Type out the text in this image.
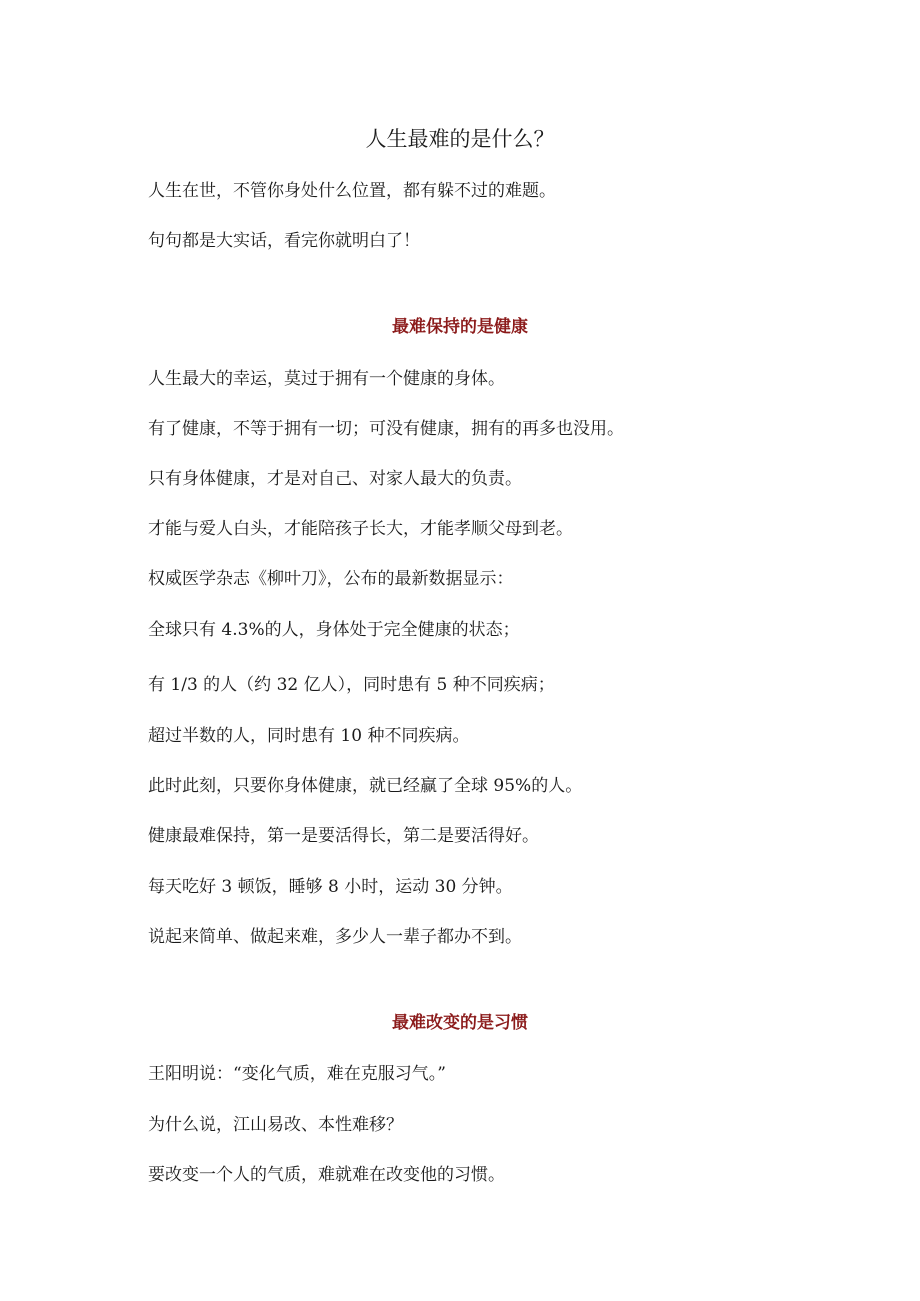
人生最难的是什么？
人生在世，不管你身处什么位置，都有躲不过的难题。
句句都是大实话，看完你就明白了！
最难保持的是健康
人生最大的幸运，莫过于拥有一个健康的身体。
有了健康，不等于拥有一切；可没有健康，拥有的再多也没用。
只有身体健康，才是对自己、对家人最大的负责。
才能与爱人白头，才能陪孩子长大，才能孝顺父母到老。
权威医学杂志《柳叶刀》，公布的最新数据显示：
全球只有 4.3%的人，身体处于完全健康的状态；
有 1/3 的人（约 32 亿人），同时患有 5 种不同疾病；
超过半数的人，同时患有 10 种不同疾病。
此时此刻，只要你身体健康，就已经赢了全球 95%的人。
健康最难保持，第一是要活得长，第二是要活得好。
每天吃好 3 顿饭，睡够 8 小时，运动 30 分钟。
说起来简单、做起来难，多少人一辈子都办不到。
最难改变的是习惯
王阳明说：“变化气质，难在克服习气。”
为什么说，江山易改、本性难移？
要改变一个人的气质，难就难在改变他的习惯。
